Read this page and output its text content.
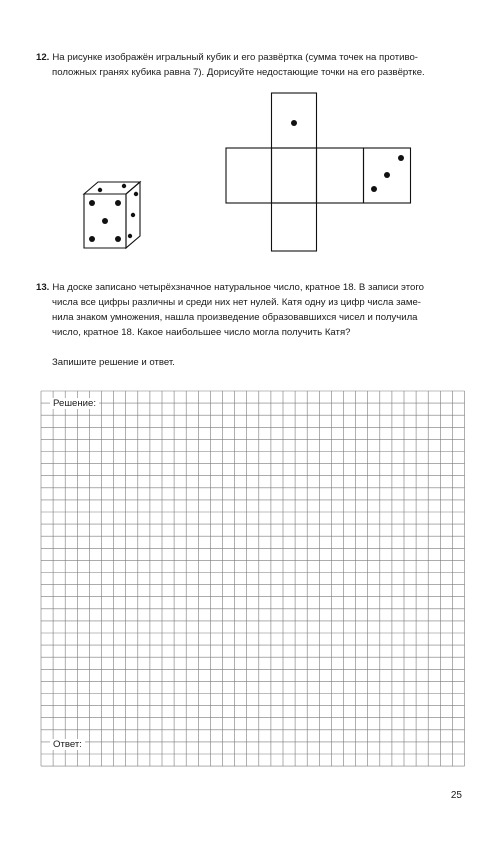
12. На рисунке изображён игральный кубик и его развёртка (сумма точек на противо-
положных гранях кубика равна 7). Дорисуйте недостающие точки на его развёртке.
13. На доске записано четырёхзначное натуральное число, кратное 18. В записи этого
числа все цифры различны и среди них нет нулей. Катя одну из цифр числа заме-
нила знаком умножения, нашла произведение образовавшихся чисел и получила
число, кратное 18. Какое наибольшее число могла получить Катя?
Запишите решение и ответ.
Решение:
Ответ:
25
